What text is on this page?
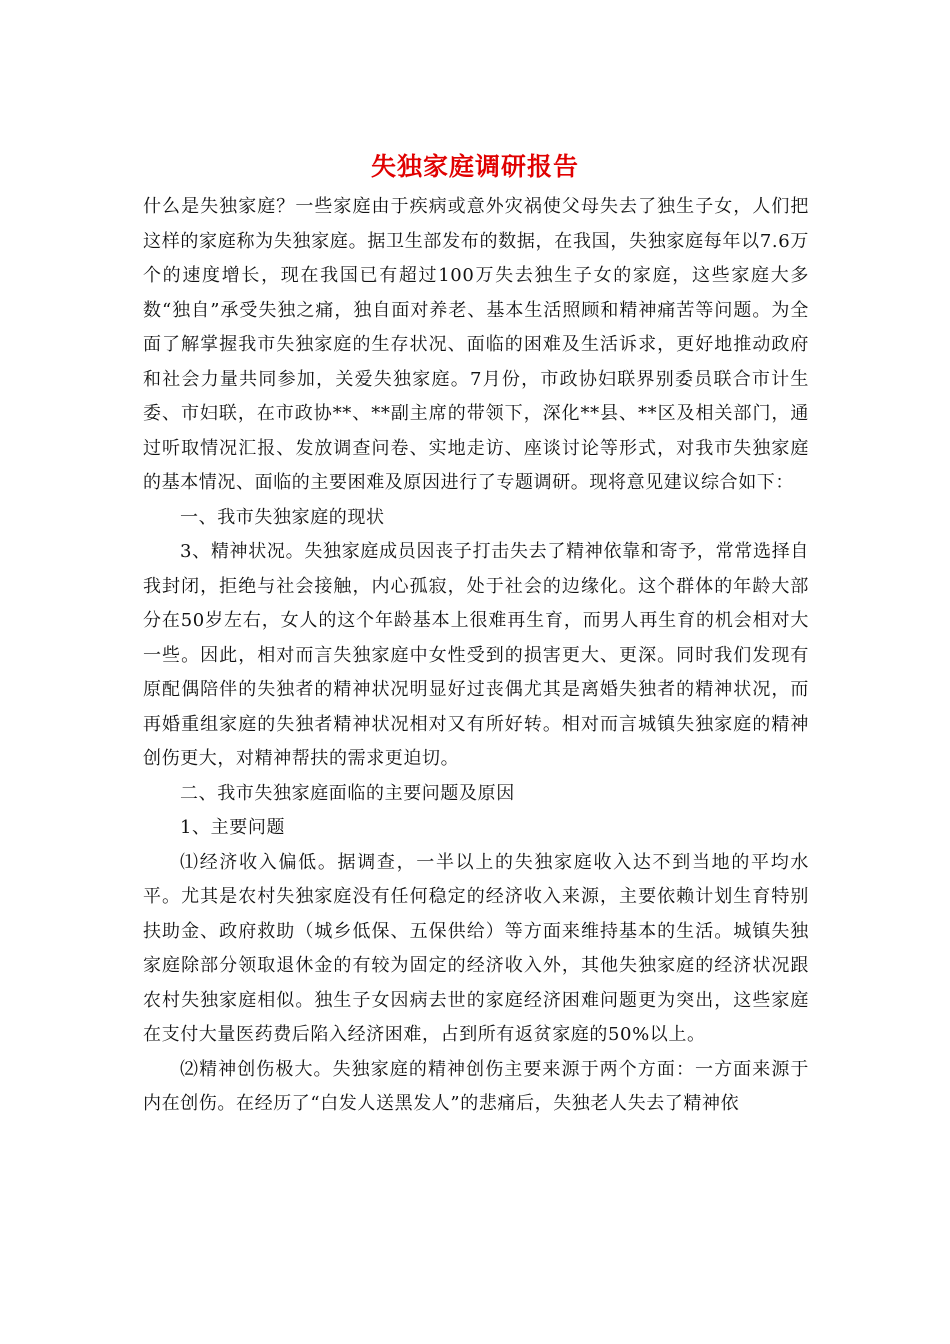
失独家庭调研报告

什么是失独家庭？一些家庭由于疾病或意外灾祸使父母失去了独生子女，人们把这样的家庭称为失独家庭。据卫生部发布的数据，在我国，失独家庭每年以7.6万个的速度增长，现在我国已有超过100万失去独生子女的家庭，这些家庭大多数“独自”承受失独之痛，独自面对养老、基本生活照顾和精神痛苦等问题。为全面了解掌握我市失独家庭的生存状况、面临的困难及生活诉求，更好地推动政府和社会力量共同参加，关爱失独家庭。7月份，市政协妇联界别委员联合市计生委、市妇联，在市政协**、**副主席的带领下，深化**县、**区及相关部门，通过听取情况汇报、发放调查问卷、实地走访、座谈讨论等形式，对我市失独家庭的基本情况、面临的主要困难及原因进行了专题调研。现将意见建议综合如下：

一、我市失独家庭的现状

3、精神状况。失独家庭成员因丧子打击失去了精神依靠和寄予，常常选择自我封闭，拒绝与社会接触，内心孤寂，处于社会的边缘化。这个群体的年龄大部分在50岁左右，女人的这个年龄基本上很难再生育，而男人再生育的机会相对大一些。因此，相对而言失独家庭中女性受到的损害更大、更深。同时我们发现有原配偶陪伴的失独者的精神状况明显好过丧偶尤其是离婚失独者的精神状况，而再婚重组家庭的失独者精神状况相对又有所好转。相对而言城镇失独家庭的精神创伤更大，对精神帮扶的需求更迫切。

二、我市失独家庭面临的主要问题及原因

1、主要问题

⑴经济收入偏低。据调查，一半以上的失独家庭收入达不到当地的平均水平。尤其是农村失独家庭没有任何稳定的经济收入来源，主要依赖计划生育特别扶助金、政府救助（城乡低保、五保供给）等方面来维持基本的生活。城镇失独家庭除部分领取退休金的有较为固定的经济收入外，其他失独家庭的经济状况跟农村失独家庭相似。独生子女因病去世的家庭经济困难问题更为突出，这些家庭在支付大量医药费后陷入经济困难，占到所有返贫家庭的50%以上。

⑵精神创伤极大。失独家庭的精神创伤主要来源于两个方面：一方面来源于内在创伤。在经历了“白发人送黑发人”的悲痛后，失独老人失去了精神依
